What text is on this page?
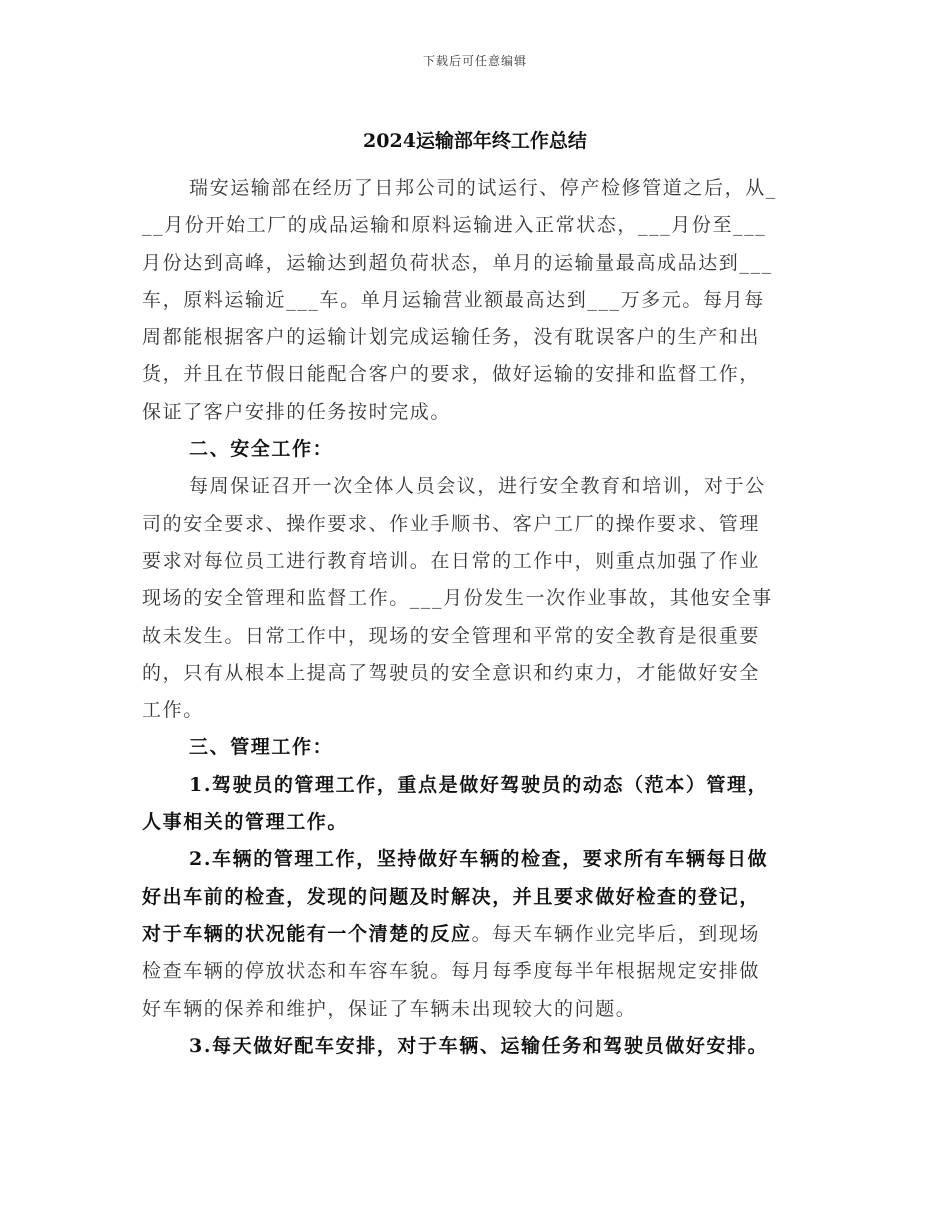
下载后可任意编辑
2024运输部年终工作总结
瑞安运输部在经历了日邦公司的试运行、停产检修管道之后，从_
__月份开始工厂的成品运输和原料运输进入正常状态，___月份至___
月份达到高峰，运输达到超负荷状态，单月的运输量最高成品达到___
车，原料运输近___车。单月运输营业额最高达到___万多元。每月每
周都能根据客户的运输计划完成运输任务，没有耽误客户的生产和出
货，并且在节假日能配合客户的要求，做好运输的安排和监督工作，
保证了客户安排的任务按时完成。
二、安全工作：
每周保证召开一次全体人员会议，进行安全教育和培训，对于公
司的安全要求、操作要求、作业手顺书、客户工厂的操作要求、管理
要求对每位员工进行教育培训。在日常的工作中，则重点加强了作业
现场的安全管理和监督工作。___月份发生一次作业事故，其他安全事
故未发生。日常工作中，现场的安全管理和平常的安全教育是很重要
的，只有从根本上提高了驾驶员的安全意识和约束力，才能做好安全
工作。
三、管理工作：
1.驾驶员的管理工作，重点是做好驾驶员的动态（范本）管理，
人事相关的管理工作。
2.车辆的管理工作，坚持做好车辆的检查，要求所有车辆每日做
好出车前的检查，发现的问题及时解决，并且要求做好检查的登记，
对于车辆的状况能有一个清楚的反应。每天车辆作业完毕后，到现场
检查车辆的停放状态和车容车貌。每月每季度每半年根据规定安排做
好车辆的保养和维护，保证了车辆未出现较大的问题。
3.每天做好配车安排，对于车辆、运输任务和驾驶员做好安排。
